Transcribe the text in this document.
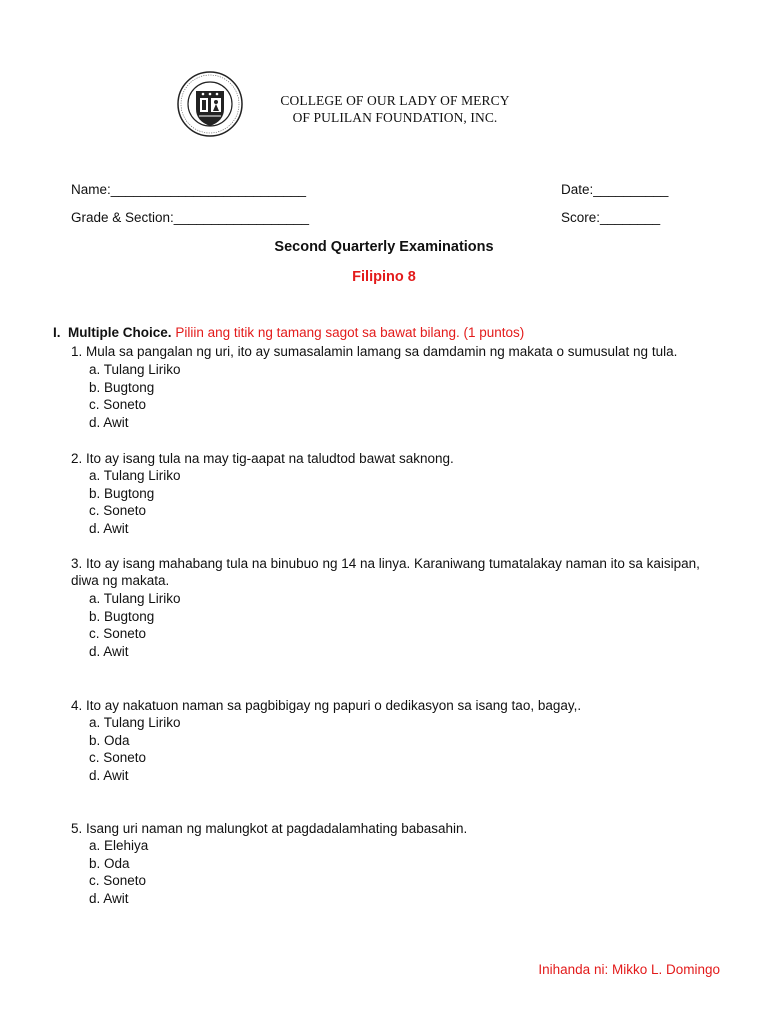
COLLEGE OF OUR LADY OF MERCY
OF PULILAN FOUNDATION, INC.
Name:__________________________	Date:__________
Grade & Section:__________________	Score:________
Second Quarterly Examinations
Filipino 8
I. Multiple Choice. Piliin ang titik ng tamang sagot sa bawat bilang. (1 puntos)
1. Mula sa pangalan ng uri, ito ay sumasalamin lamang sa damdamin ng makata o sumusulat ng tula.
a. Tulang Liriko
b. Bugtong
c. Soneto
d. Awit
2. Ito ay isang tula na may tig-aapat na taludtod bawat saknong.
a. Tulang Liriko
b. Bugtong
c. Soneto
d. Awit
3. Ito ay isang mahabang tula na binubuo ng 14 na linya. Karaniwang tumatalakay naman ito sa kaisipan,
diwa ng makata.
a. Tulang Liriko
b. Bugtong
c. Soneto
d. Awit
4. Ito ay nakatuon naman sa pagbibigay ng papuri o dedikasyon sa isang tao, bagay,.
a. Tulang Liriko
b. Oda
c. Soneto
d. Awit
5. Isang uri naman ng malungkot at pagdadalamhating babasahin.
a. Elehiya
b. Oda
c. Soneto
d. Awit
Inihanda ni: Mikko L. Domingo
